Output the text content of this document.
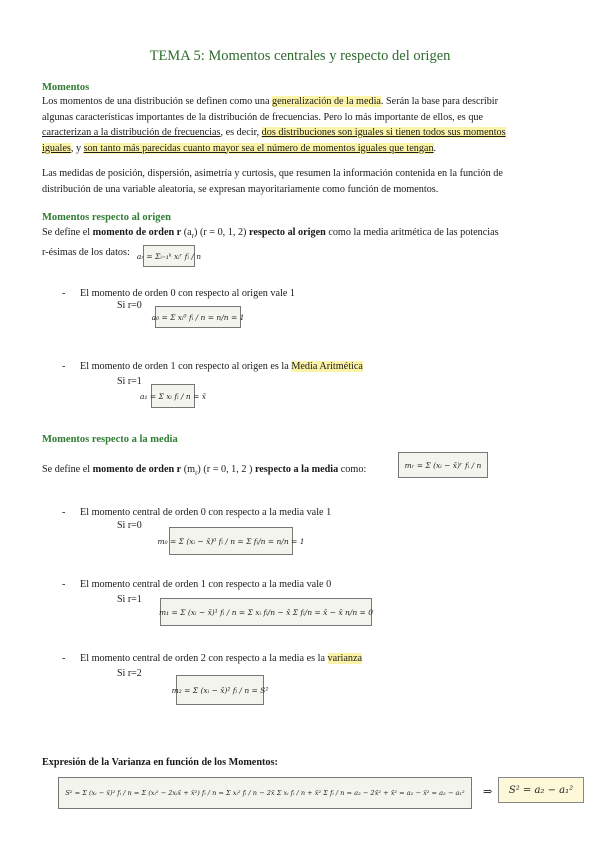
TEMA 5: Momentos centrales y respecto del origen
Momentos
Los momentos de una distribución se definen como una generalización de la media. Serán la base para describir
algunas características importantes de la distribución de frecuencias. Pero lo más importante de ellos, es que
caracterizan a la distribución de frecuencias, es decir, dos distribuciones son iguales si tienen todos sus momentos
iguales, y son tanto más parecidas cuanto mayor sea el número de momentos iguales que tengan.
Las medidas de posición, dispersión, asimetría y curtosis, que resumen la información contenida en la función de
distribución de una variable aleatoria, se expresan mayoritariamente como función de momentos.
Momentos respecto al origen
Se define el momento de orden r $(a_r) (r = 0$, 1, 2) respecto al origen como la media aritmética de las potencias
r-ésimas de los datos: aᵣ = Σᵢ₌₁ᵏ xᵢʳ fᵢ / n
- El momento de orden 0 con respecto al origen vale 1
Si r=0
a₀ = Σ xᵢ⁰ fᵢ / n = n/n = 1
- El momento de orden 1 con respecto al origen es la Media Aritmética
Si r=1
a₁ = Σ xᵢ fᵢ / n = x̄
Momentos respecto a la media
Se define el momento de orden r $(m_r) (r = 0$, 1, 2 ) respecto a la media como:	mᵣ = Σ (xᵢ − x̄)ʳ fᵢ / n
- El momento central de orden 0 con respecto a la media vale 1
Si r=0
m₀ = Σ (xᵢ − x̄)⁰ fᵢ / n = Σ fᵢ/n = n/n = 1
- El momento central de orden 1 con respecto a la media vale 0
Si r=1
m₁ = Σ (xᵢ − x̄)¹ fᵢ / n = Σ xᵢ fᵢ/n − x̄ Σ fᵢ/n = x̄ − x̄ n/n = 0
- El momento central de orden 2 con respecto a la media es la varianza
Si r=2
m₂ = Σ (xᵢ − x̄)² fᵢ / n = S²
Expresión de la Varianza en función de los Momentos:
S² = Σ (xᵢ − x̄)² fᵢ / n = Σ (xᵢ² − 2xᵢx̄ + x̄²) fᵢ / n = Σ xᵢ² fᵢ / n − 2x̄ Σ xᵢ fᵢ / n + x̄² Σ fᵢ / n = a₂ − 2x̄² + x̄² = a₂ − x̄² = a₂ − a₁²	⇒	S² = a₂ − a₁²
